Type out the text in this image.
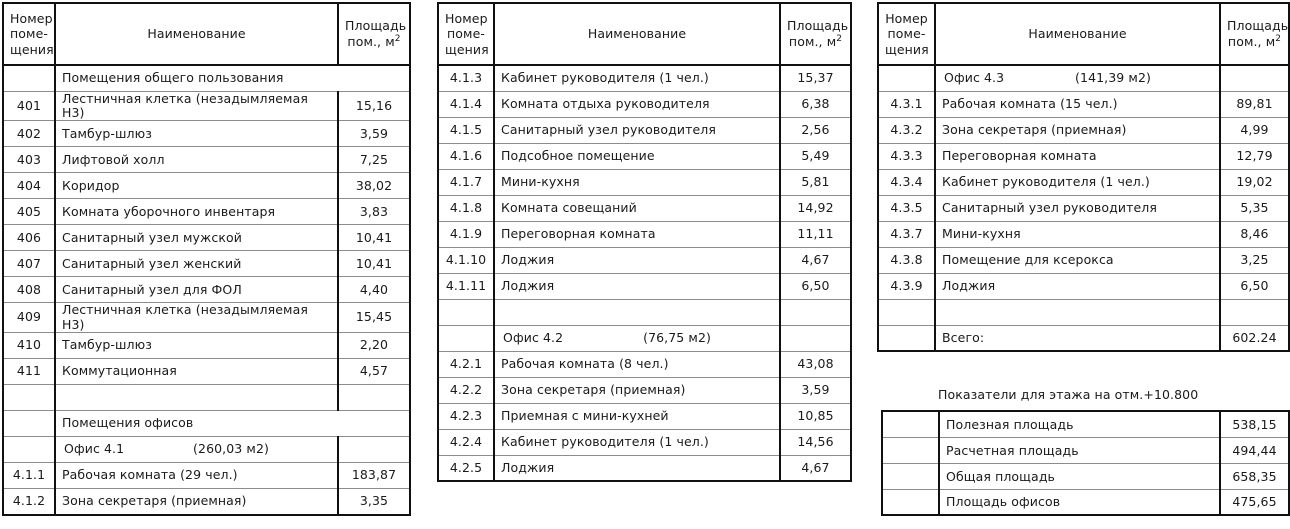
Номер
поме-
щения
	Наименование	
Площадь
пом., $м^2$

	Помещения общего пользования	
401	Лестничная клетка (незадымляемая Н3)	15,16
402	Тамбур-шлюз	3,59
403	Лифтовой холл	7,25
404	Коридор	38,02
405	Комната уборочного инвентаря	3,83
406	Санитарный узел мужской	10,41
407	Санитарный узел женский	10,41
408	Санитарный узел для ФОЛ	4,40
409	Лестничная клетка (незадымляемая Н3)	15,45
410	Тамбур-шлюз	2,20
411	Коммутационная	4,57

	Помещения офисов	

	Офис 4.1 (260,03 м2)	

4.1.1	Рабочая комната (29 чел.)	183,87
4.1.2	Зона секретаря (приемная)	3,35
Номер
поме-
щения
	Наименование	
Площадь
пом., $м^2$

4.1.3	Кабинет руководителя (1 чел.)	15,37
4.1.4	Комната отдыха руководителя	6,38
4.1.5	Санитарный узел руководителя	2,56
4.1.6	Подсобное помещение	5,49
4.1.7	Мини-кухня	5,81
4.1.8	Комната совещаний	14,92
4.1.9	Переговорная комната	11,11
4.1.10	Лоджия	4,67
4.1.11	Лоджия	6,50

	Офис 4.2 (76,75 м2)	

4.2.1	Рабочая комната (8 чел.)	43,08
4.2.2	Зона секретаря (приемная)	3,59
4.2.3	Приемная с мини-кухней	10,85
4.2.4	Кабинет руководителя (1 чел.)	14,56
4.2.5	Лоджия	4,67
Номер
поме-
щения
	Наименование	
Площадь
пом., $м^2$

	Офис 4.3 (141,39 м2)	

4.3.1	Рабочая комната (15 чел.)	89,81
4.3.2	Зона секретаря (приемная)	4,99
4.3.3	Переговорная комната	12,79
4.3.4	Кабинет руководителя (1 чел.)	19,02
4.3.5	Санитарный узел руководителя	5,35
4.3.7	Мини-кухня	8,46
4.3.8	Помещение для ксерокса	3,25
4.3.9	Лоджия	6,50

	Всего:	602.24
Показатели для этажа на отм.+10.800
	Полезная площадь	538,15
	Расчетная площадь	494,44
	Общая площадь	658,35
	Площадь офисов	475,65
